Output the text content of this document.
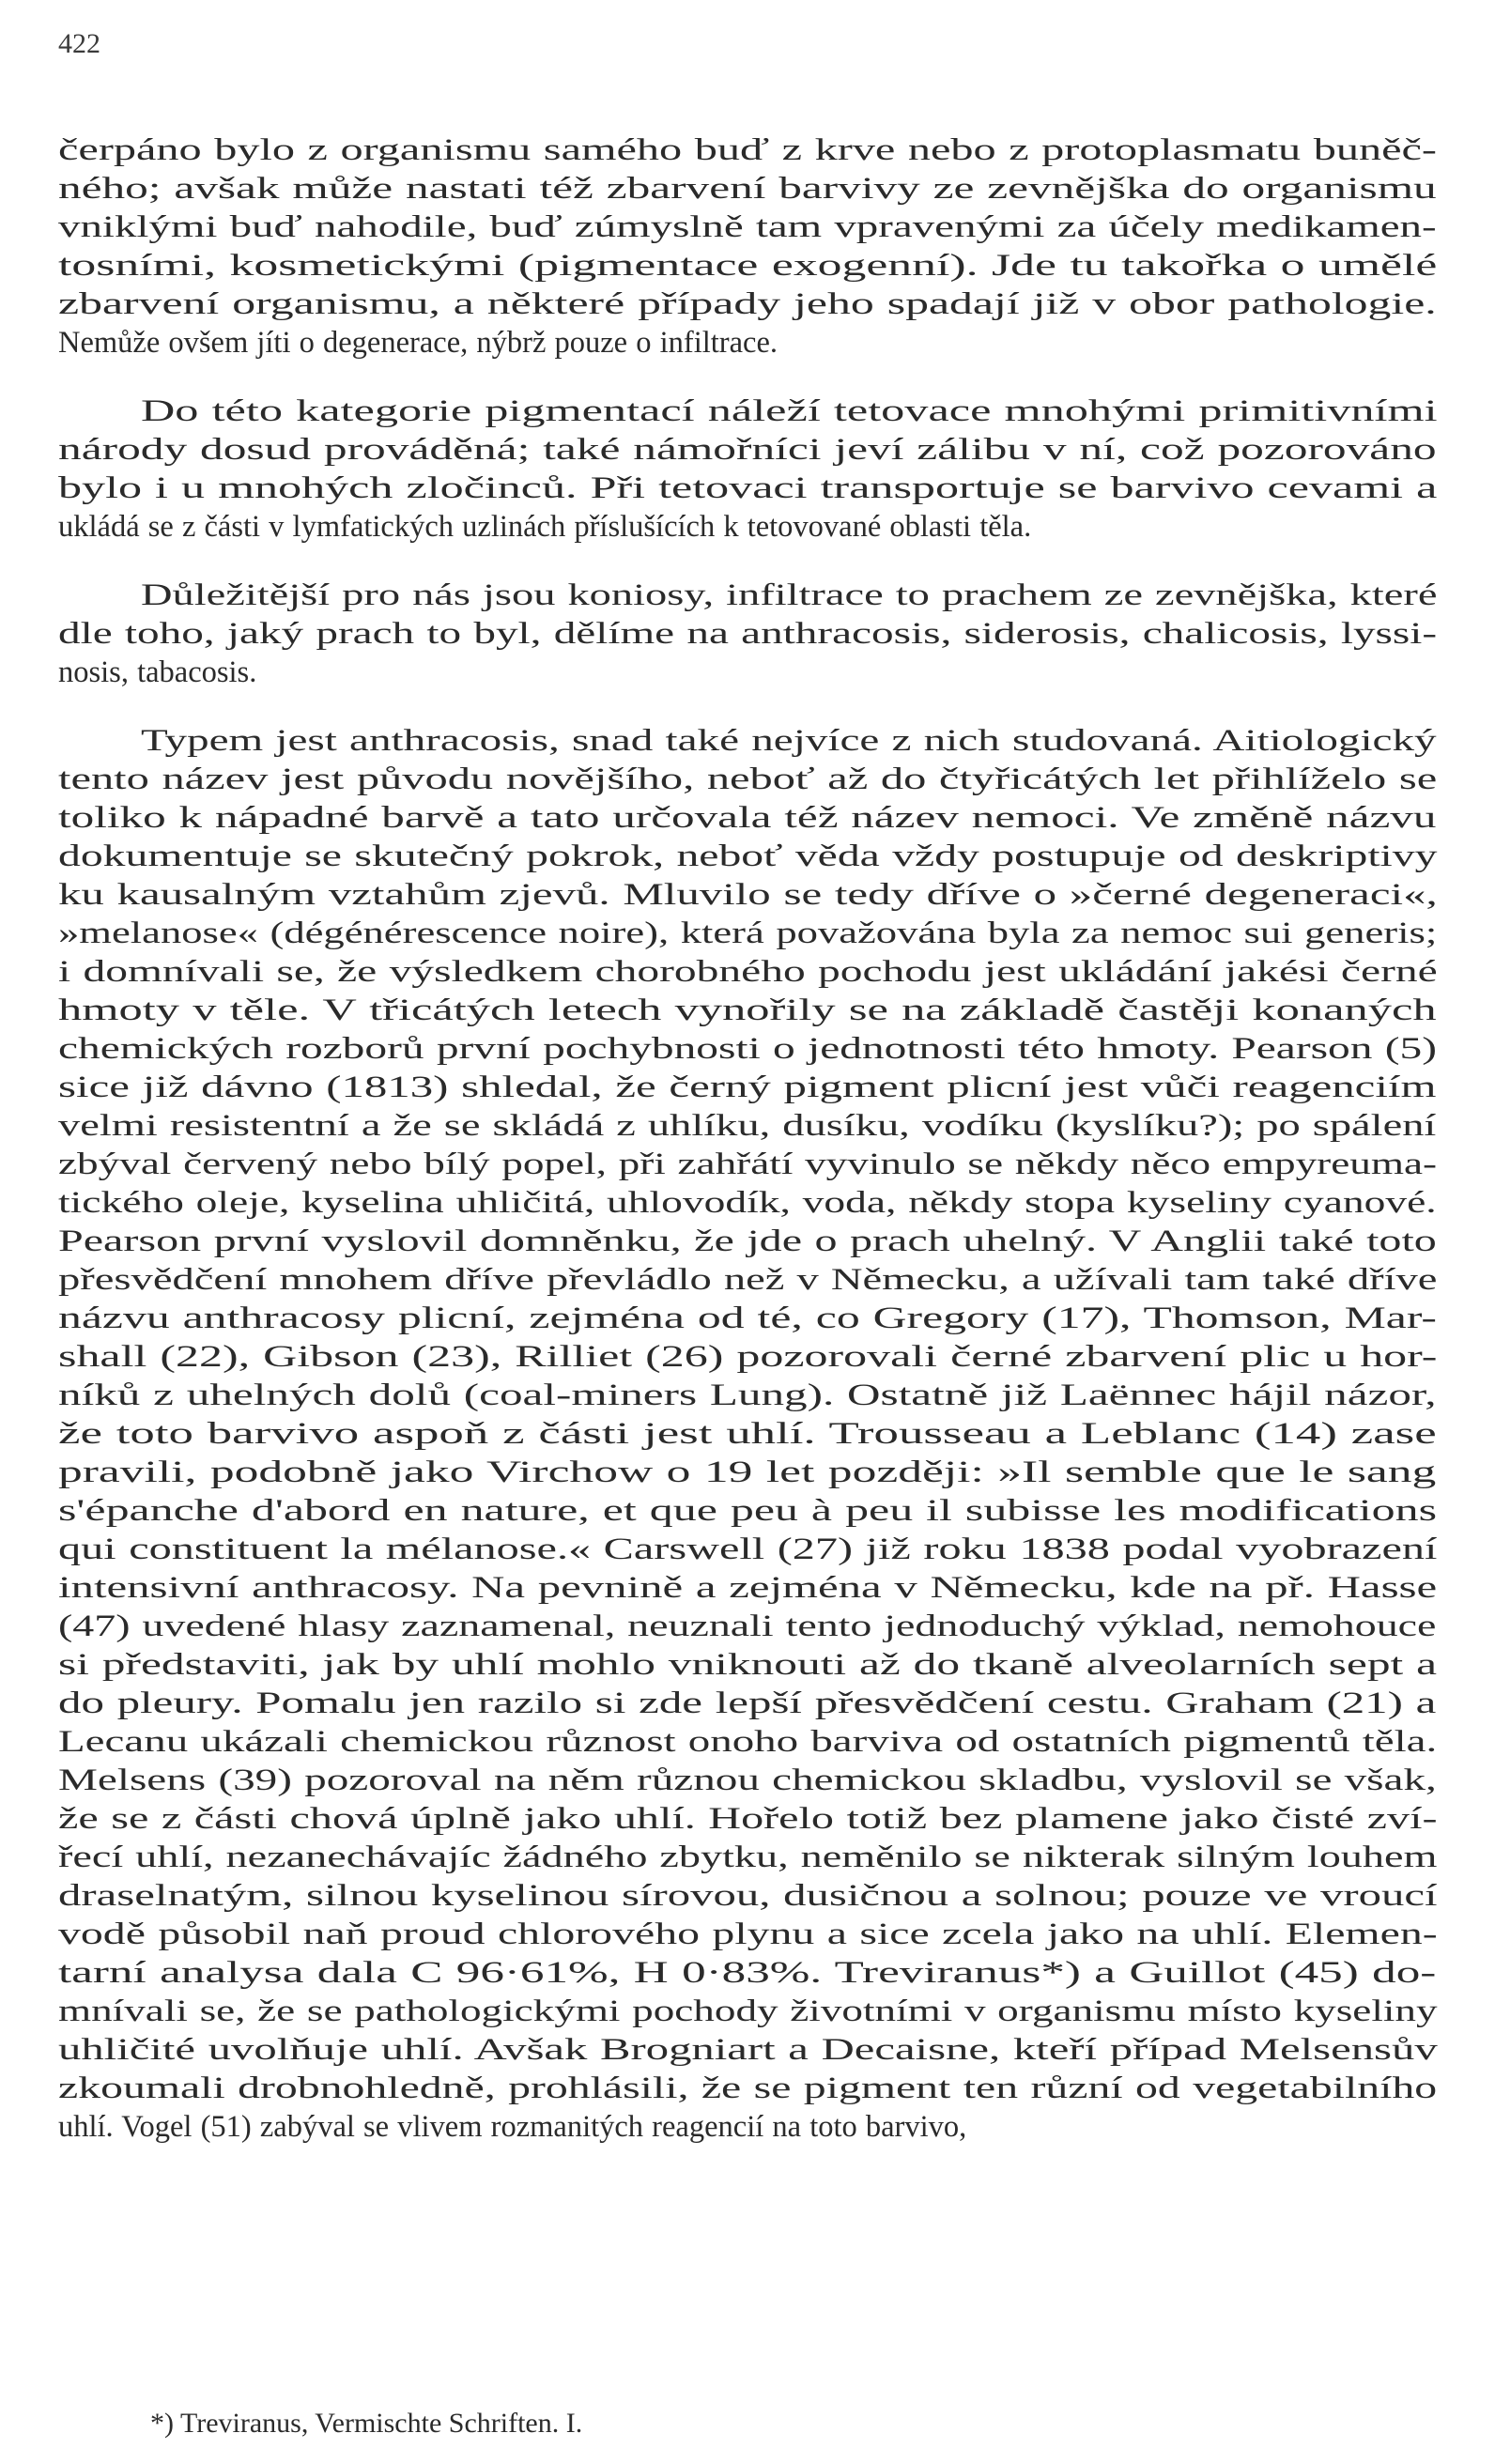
422
čerpáno bylo z organismu samého buď z krve nebo z protoplasmatu buněč-
ného; avšak může nastati též zbarvení barvivy ze zevnějška do organismu
vniklými buď nahodile, buď zúmyslně tam vpravenými za účely medikamen-
tosními, kosmetickými (pigmentace exogenní). Jde tu takořka o umělé
zbarvení organismu, a některé případy jeho spadají již v obor pathologie.
Nemůže ovšem jíti o degenerace, nýbrž pouze o infiltrace.
Do této kategorie pigmentací náleží tetovace mnohými primitivními
národy dosud prováděná; také námořníci jeví zálibu v ní, což pozorováno
bylo i u mnohých zločinců. Při tetovaci transportuje se barvivo cevami a
ukládá se z části v lymfatických uzlinách příslušících k tetovované oblasti těla.
Důležitější pro nás jsou koniosy, infiltrace to prachem ze zevnějška, které
dle toho, jaký prach to byl, dělíme na anthracosis, siderosis, chalicosis, lyssi-
nosis, tabacosis.
Typem jest anthracosis, snad také nejvíce z nich studovaná. Aitiologický
tento název jest původu novějšího, neboť až do čtyřicátých let přihlíželo se
toliko k nápadné barvě a tato určovala též název nemoci. Ve změně názvu
dokumentuje se skutečný pokrok, neboť věda vždy postupuje od deskriptivy
ku kausalným vztahům zjevů. Mluvilo se tedy dříve o »černé degeneraci«,
»melanose« (dégénérescence noire), která považována byla za nemoc sui generis;
i domnívali se, že výsledkem chorobného pochodu jest ukládání jakési černé
hmoty v těle. V třicátých letech vynořily se na základě častěji konaných
chemických rozborů první pochybnosti o jednotnosti této hmoty. Pearson (5)
sice již dávno (1813) shledal, že černý pigment plicní jest vůči reagenciím
velmi resistentní a že se skládá z uhlíku, dusíku, vodíku (kyslíku?); po spálení
zbýval červený nebo bílý popel, při zahřátí vyvinulo se někdy něco empyreuma-
tického oleje, kyselina uhličitá, uhlovodík, voda, někdy stopa kyseliny cyanové.
Pearson první vyslovil domněnku, že jde o prach uhelný. V Anglii také toto
přesvědčení mnohem dříve převládlo než v Německu, a užívali tam také dříve
názvu anthracosy plicní, zejména od té, co Gregory (17), Thomson, Mar-
shall (22), Gibson (23), Rilliet (26) pozorovali černé zbarvení plic u hor-
níků z uhelných dolů (coal-miners Lung). Ostatně již Laënnec hájil názor,
že toto barvivo aspoň z části jest uhlí. Trousseau a Leblanc (14) zase
pravili, podobně jako Virchow o 19 let později: »Il semble que le sang
s'épanche d'abord en nature, et que peu à peu il subisse les modifications
qui constituent la mélanose.« Carswell (27) již roku 1838 podal vyobrazení
intensivní anthracosy. Na pevnině a zejména v Německu, kde na př. Hasse
(47) uvedené hlasy zaznamenal, neuznali tento jednoduchý výklad, nemohouce
si představiti, jak by uhlí mohlo vniknouti až do tkaně alveolarních sept a
do pleury. Pomalu jen razilo si zde lepší přesvědčení cestu. Graham (21) a
Lecanu ukázali chemickou různost onoho barviva od ostatních pigmentů těla.
Melsens (39) pozoroval na něm různou chemickou skladbu, vyslovil se však,
že se z části chová úplně jako uhlí. Hořelo totiž bez plamene jako čisté zví-
řecí uhlí, nezanechávajíc žádného zbytku, neměnilo se nikterak silným louhem
draselnatým, silnou kyselinou sírovou, dusičnou a solnou; pouze ve vroucí
vodě působil naň proud chlorového plynu a sice zcela jako na uhlí. Elemen-
tarní analysa dala C 96·61%, H 0·83%. Treviranus*) a Guillot (45) do-
mnívali se, že se pathologickými pochody životními v organismu místo kyseliny
uhličité uvolňuje uhlí. Avšak Brogniart a Decaisne, kteří případ Melsensův
zkoumali drobnohledně, prohlásili, že se pigment ten různí od vegetabilního
uhlí. Vogel (51) zabýval se vlivem rozmanitých reagencií na toto barvivo,
*) Treviranus, Vermischte Schriften. I.
